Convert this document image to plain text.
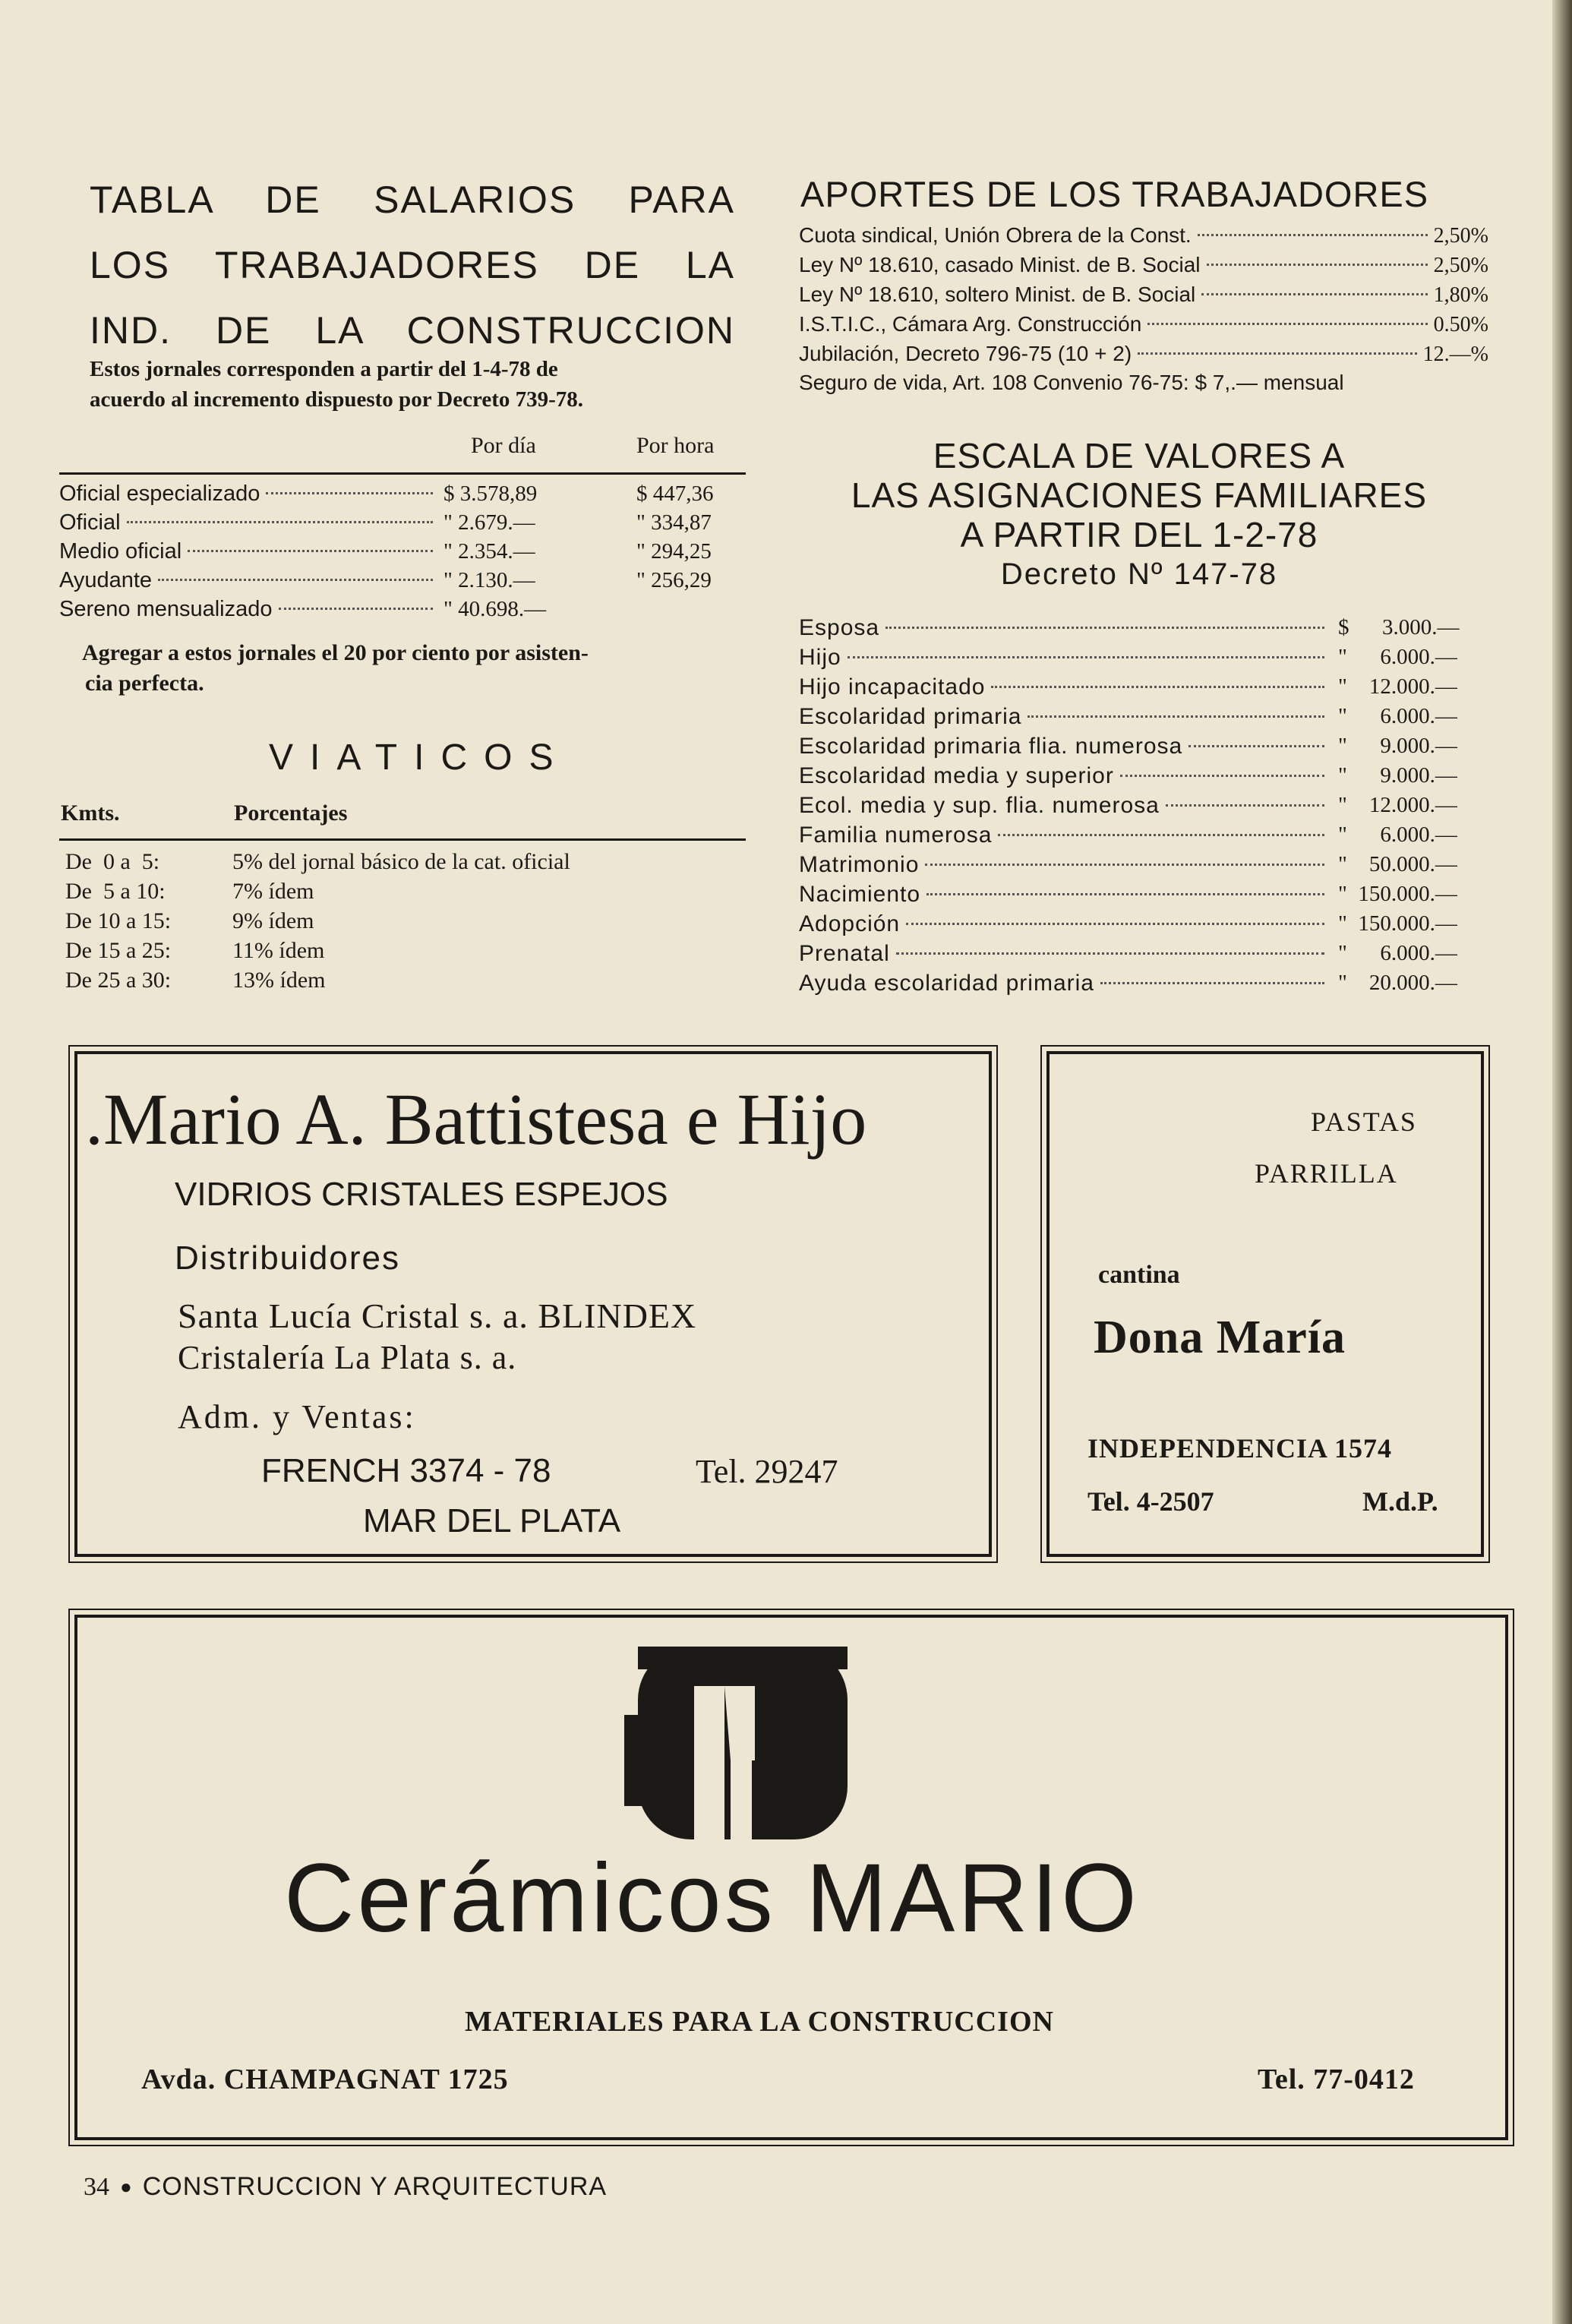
TABLA DE SALARIOS PARA
LOS TRABAJADORES DE LA
IND. DE LA CONSTRUCCION
Estos jornales corresponden a partir del 1-4-78 de
acuerdo al incremento dispuesto por Decreto 739-78.
Por día	Por hora
Oficial especializado	$ 3.578,89	$ 447,36
Oficial	" 2.679.—	" 334,87
Medio oficial	" 2.354.—	" 294,25
Ayudante	" 2.130.—	" 256,29
Sereno mensualizado	" 40.698.—
Agregar a estos jornales el 20 por ciento por asisten-
cia perfecta.
VIATICOS
Kmts.	Porcentajes
De  0 a  5:	5% del jornal básico de la cat. oficial
De  5 a 10:	7% ídem
De 10 a 15:	9% ídem
De 15 a 25:	11% ídem
De 25 a 30:	13% ídem
APORTES DE LOS TRABAJADORES
Cuota sindical, Unión Obrera de la Const.	2,50%
Ley Nº 18.610, casado Minist. de B. Social	2,50%
Ley Nº 18.610, soltero Minist. de B. Social	1,80%
I.S.T.I.C., Cámara Arg. Construcción	0.50%
Jubilación, Decreto 796-75 (10 + 2)	12.—%
Seguro de vida, Art. 108 Convenio 76-75: $ 7,.— mensual
ESCALA DE VALORES A
LAS ASIGNACIONES FAMILIARES
A PARTIR DEL 1-2-78
Decreto Nº 147-78
Esposa	$      3.000.—
Hijo	"      6.000.—
Hijo incapacitado	"    12.000.—
Escolaridad primaria	"      6.000.—
Escolaridad primaria flia. numerosa	"      9.000.—
Escolaridad media y superior	"      9.000.—
Ecol. media y sup. flia. numerosa	"    12.000.—
Familia numerosa	"      6.000.—
Matrimonio	"    50.000.—
Nacimiento	"  150.000.—
Adopción	"  150.000.—
Prenatal	"      6.000.—
Ayuda escolaridad primaria	"    20.000.—
.Mario A. Battistesa e Hijo
VIDRIOS CRISTALES ESPEJOS
Distribuidores
Santa Lucía Cristal s. a. BLINDEX
Cristalería La Plata s. a.
Adm. y Ventas:
FRENCH 3374 - 78	Tel. 29247
MAR DEL PLATA
PASTAS
PARRILLA
cantina
Dona María
INDEPENDENCIA 1574
Tel. 4-2507	M.d.P.
Cerámicos MARIO
MATERIALES PARA LA CONSTRUCCION
Avda. CHAMPAGNAT 1725	Tel. 77-0412
34 ● CONSTRUCCION Y ARQUITECTURA
